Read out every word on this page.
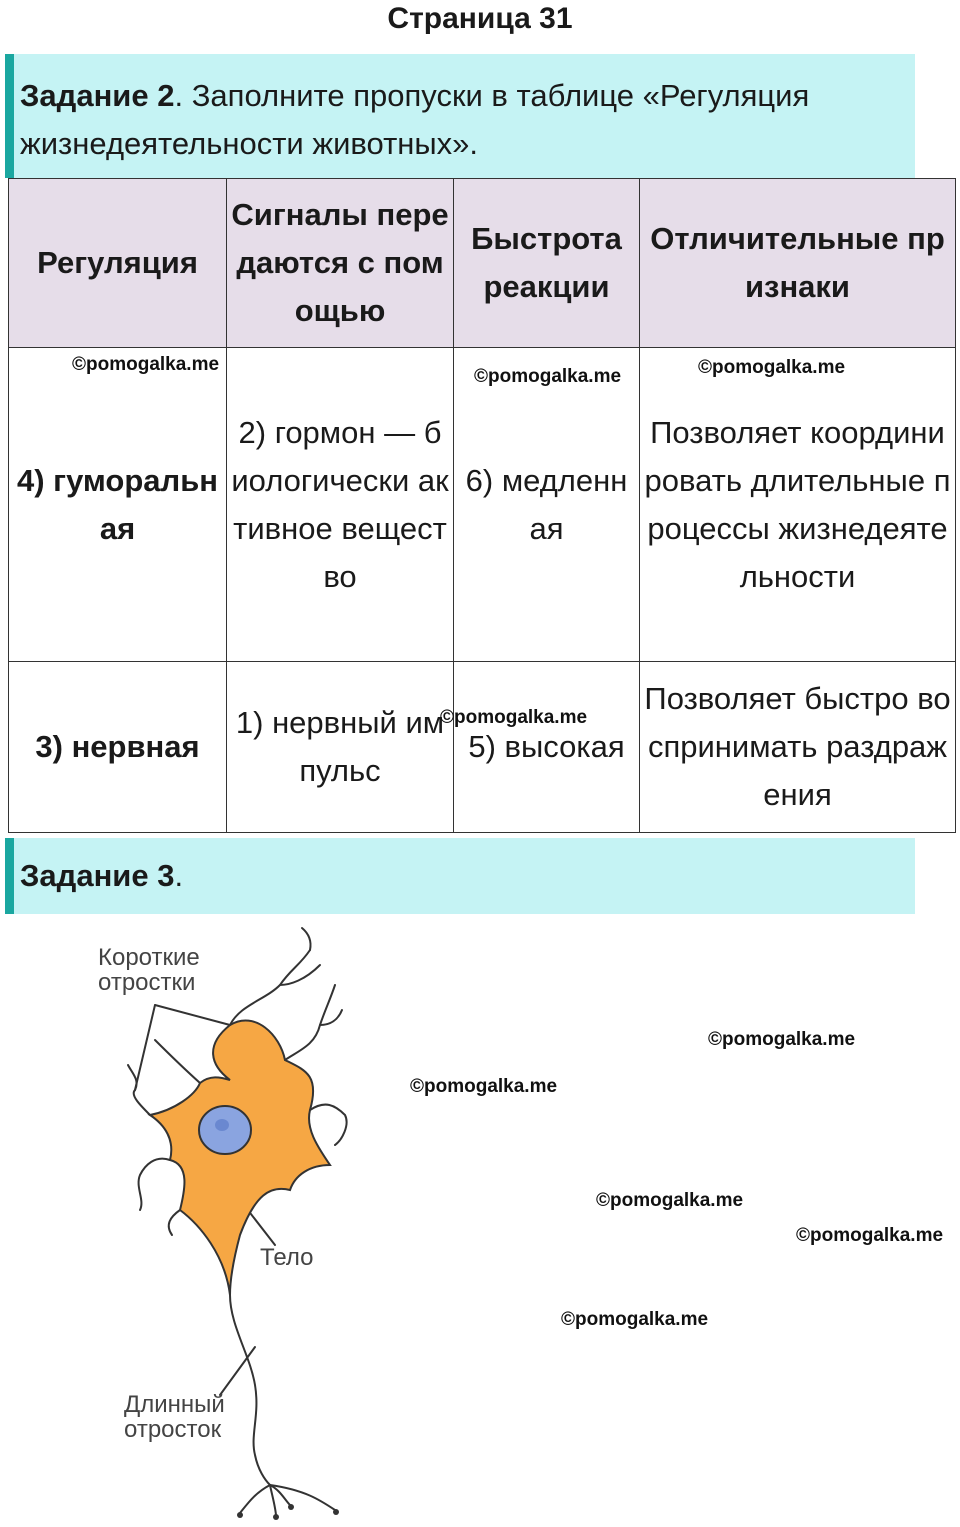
Страница 31
Задание 2. Заполните пропуски в таблице «Регуляция жизнедеятельности животных».
Регуляция	Сигналы передаются с помощью	Быстрота реакции	Отличительные признаки
4) гуморальная	2) гормон — биологически активное вещество	6) медленная	Позволяет координировать длительные процессы жизнедеятельности
3) нервная	1) нервный импульс	5) высокая	Позволяет быстро воспринимать раздражения
Задание 3.
©pomogalka.me
©pomogalka.me	©pomogalka.me
©pomogalka.me
©pomogalka.me
©pomogalka.me
©pomogalka.me
©pomogalka.me
©pomogalka.me
Короткие отростки
Тело
Длинный отросток
